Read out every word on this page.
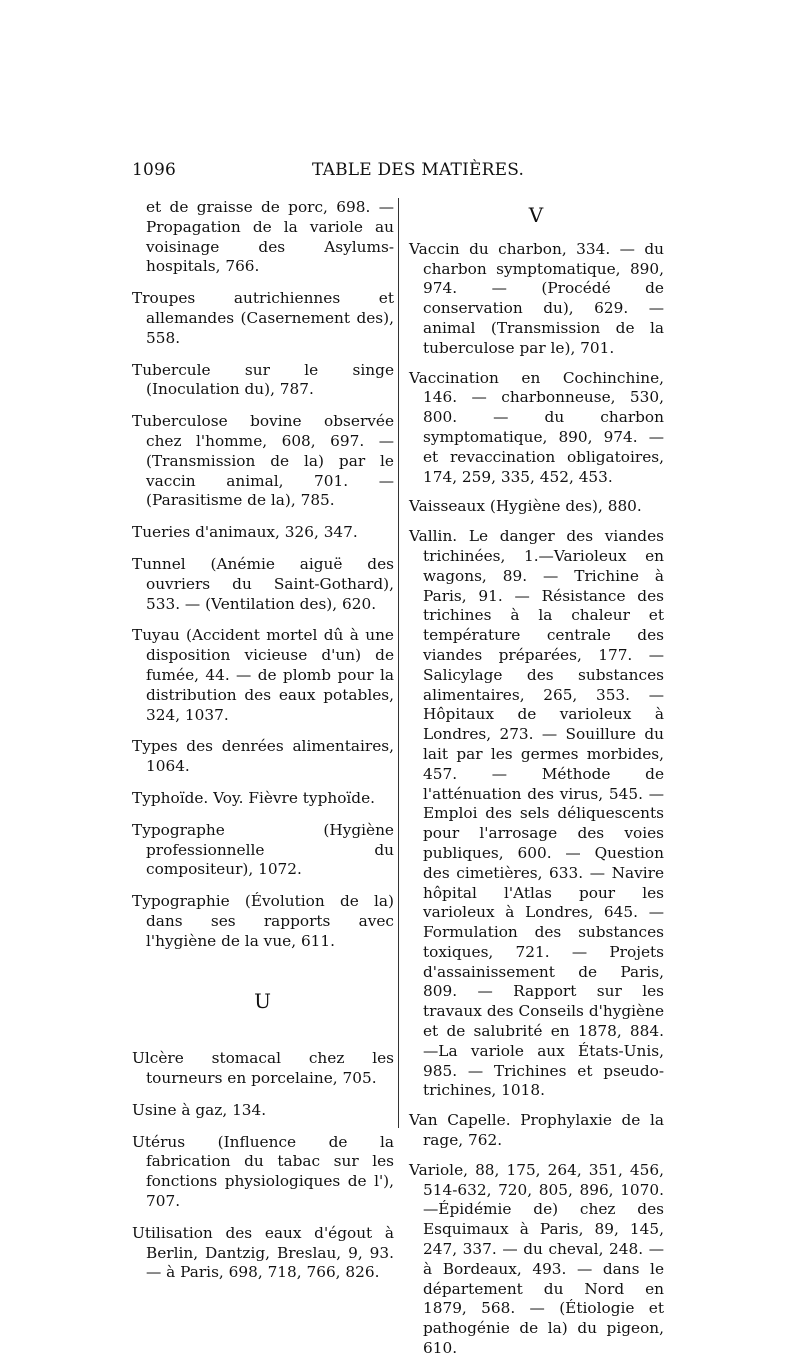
1096	TABLE DES MATIÈRES.

et de graisse de porc, 698. — Propagation de la variole au voisinage des Asylums-hospitals, 766.

Troupes autrichiennes et allemandes (Casernement des), 558.

Tubercule sur le singe (Inoculation du), 787.

Tuberculose bovine observée chez l'homme, 608, 697. — (Transmission de la) par le vaccin animal, 701. — (Parasitisme de la), 785.

Tueries d'animaux, 326, 347.

Tunnel (Anémie aiguë des ouvriers du Saint-Gothard), 533. — (Ventilation des), 620.

Tuyau (Accident mortel dû à une disposition vicieuse d'un) de fumée, 44. — de plomb pour la distribution des eaux potables, 324, 1037.

Types des denrées alimentaires, 1064.

Typhoïde. Voy. Fièvre typhoïde.

Typographe (Hygiène professionnelle du compositeur), 1072.

Typographie (Évolution de la) dans ses rapports avec l'hygiène de la vue, 611.

U

Ulcère stomacal chez les tourneurs en porcelaine, 705.

Usine à gaz, 134.

Utérus (Influence de la fabrication du tabac sur les fonctions physiologiques de l'), 707.

Utilisation des eaux d'égout à Berlin, Dantzig, Breslau, 9, 93. — à Paris, 698, 718, 766, 826.

V

Vaccin du charbon, 334. — du charbon symptomatique, 890, 974. — (Procédé de conservation du), 629. — animal (Transmission de la tuberculose par le), 701.

Vaccination en Cochinchine, 146. — charbonneuse, 530, 800. — du charbon symptomatique, 890, 974. — et revaccination obligatoires, 174, 259, 335, 452, 453.

Vaisseaux (Hygiène des), 880.

Vallin. Le danger des viandes trichinées, 1.—Varioleux en wagons, 89. — Trichine à Paris, 91. — Résistance des trichines à la chaleur et température centrale des viandes préparées, 177. — Salicylage des substances alimentaires, 265, 353. — Hôpitaux de varioleux à Londres, 273. — Souillure du lait par les germes morbides, 457. — Méthode de l'atténuation des virus, 545. — Emploi des sels déliquescents pour l'arrosage des voies publiques, 600. — Question des cimetières, 633. — Navire hôpital l'Atlas pour les varioleux à Londres, 645. — Formulation des substances toxiques, 721. — Projets d'assainissement de Paris, 809. — Rapport sur les travaux des Conseils d'hygiène et de salubrité en 1878, 884. —La variole aux États-Unis, 985. — Trichines et pseudo-trichines, 1018.

Van Capelle. Prophylaxie de la rage, 762.

Variole, 88, 175, 264, 351, 456, 514-632, 720, 805, 896, 1070.—Épidémie de) chez des Esquimaux à Paris, 89, 145, 247, 337. — du cheval, 248. — à Bordeaux, 493. — dans le département du Nord en 1879, 568. — (Étiologie et pathogénie de la) du pigeon, 610.
